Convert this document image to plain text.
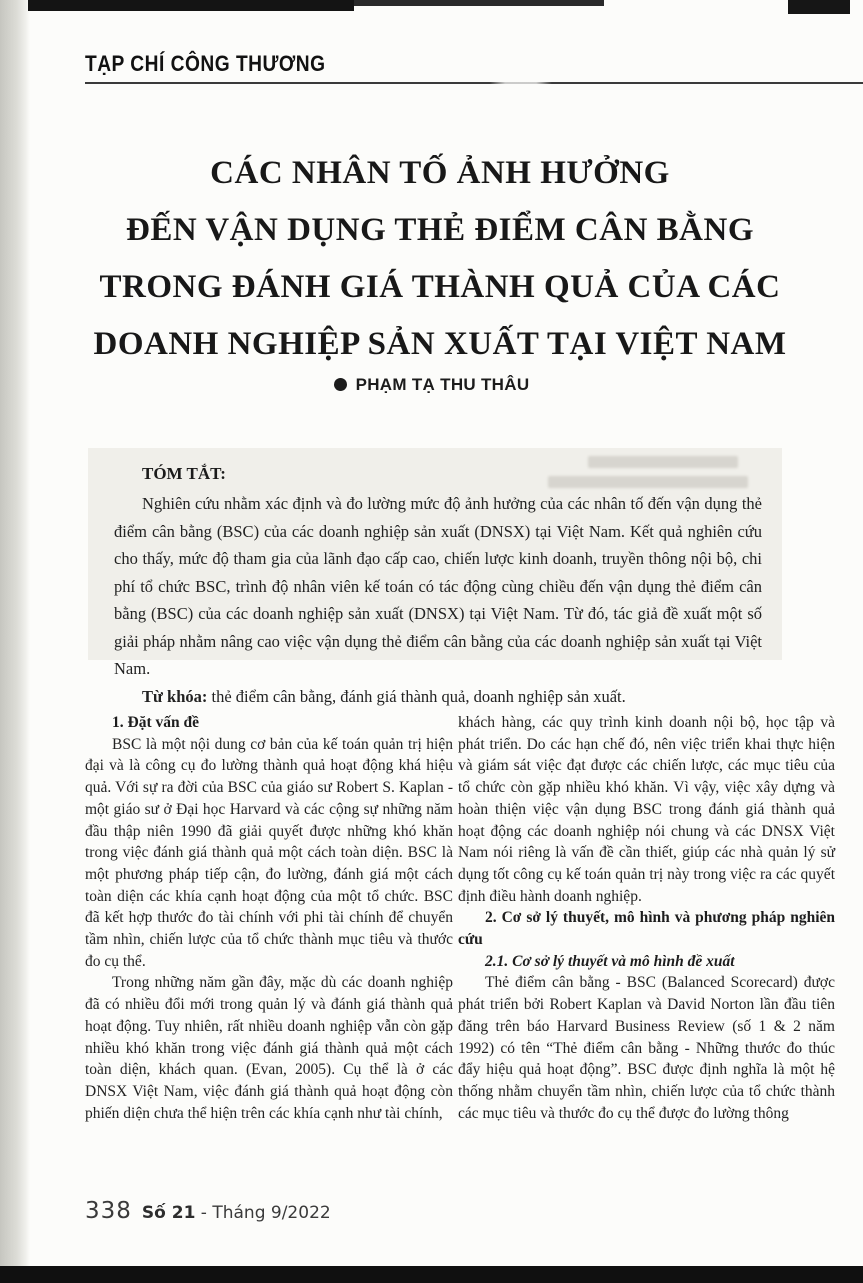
TẠP CHÍ CÔNG THƯƠNG
CÁC NHÂN TỐ ẢNH HƯỞNG
ĐẾN VẬN DỤNG THẺ ĐIỂM CÂN BẰNG
TRONG ĐÁNH GIÁ THÀNH QUẢ CỦA CÁC
DOANH NGHIỆP SẢN XUẤT TẠI VIỆT NAM
PHẠM TẠ THU THÂU

TÓM TẮT:

Nghiên cứu nhằm xác định và đo lường mức độ ảnh hưởng của các nhân tố đến vận dụng thẻ điểm cân bằng (BSC) của các doanh nghiệp sản xuất (DNSX) tại Việt Nam. Kết quả nghiên cứu cho thấy, mức độ tham gia của lãnh đạo cấp cao, chiến lược kinh doanh, truyền thông nội bộ, chi phí tổ chức BSC, trình độ nhân viên kế toán có tác động cùng chiều đến vận dụng thẻ điểm cân bằng (BSC) của các doanh nghiệp sản xuất (DNSX) tại Việt Nam. Từ đó, tác giả đề xuất một số giải pháp nhằm nâng cao việc vận dụng thẻ điểm cân bằng của các doanh nghiệp sản xuất tại Việt Nam.

Từ khóa: thẻ điểm cân bằng, đánh giá thành quả, doanh nghiệp sản xuất.

1. Đặt vấn đề

BSC là một nội dung cơ bản của kế toán quản trị hiện đại và là công cụ đo lường thành quả hoạt động khá hiệu quả. Với sự ra đời của BSC của giáo sư Robert S. Kaplan - một giáo sư ở Đại học Harvard và các cộng sự những năm đầu thập niên 1990 đã giải quyết được những khó khăn trong việc đánh giá thành quả một cách toàn diện. BSC là một phương pháp tiếp cận, đo lường, đánh giá một cách toàn diện các khía cạnh hoạt động của một tổ chức. BSC đã kết hợp thước đo tài chính với phi tài chính để chuyển tầm nhìn, chiến lược của tổ chức thành mục tiêu và thước đo cụ thể.

Trong những năm gần đây, mặc dù các doanh nghiệp đã có nhiều đổi mới trong quản lý và đánh giá thành quả hoạt động. Tuy nhiên, rất nhiều doanh nghiệp vẫn còn gặp nhiều khó khăn trong việc đánh giá thành quả một cách toàn diện, khách quan. (Evan, 2005). Cụ thể là ở các DNSX Việt Nam, việc đánh giá thành quả hoạt động còn phiến diện chưa thể hiện trên các khía cạnh như tài chính,

khách hàng, các quy trình kinh doanh nội bộ, học tập và phát triển. Do các hạn chế đó, nên việc triển khai thực hiện và giám sát việc đạt được các chiến lược, các mục tiêu của tổ chức còn gặp nhiều khó khăn. Vì vậy, việc xây dựng và hoàn thiện việc vận dụng BSC trong đánh giá thành quả hoạt động các doanh nghiệp nói chung và các DNSX Việt Nam nói riêng là vấn đề cần thiết, giúp các nhà quản lý sử dụng tốt công cụ kế toán quản trị này trong việc ra các quyết định điều hành doanh nghiệp.

2. Cơ sở lý thuyết, mô hình và phương pháp nghiên cứu
2.1. Cơ sở lý thuyết và mô hình đề xuất

Thẻ điểm cân bằng - BSC (Balanced Scorecard) được phát triển bởi Robert Kaplan và David Norton lần đầu tiên đăng trên báo Harvard Business Review (số 1 & 2 năm 1992) có tên “Thẻ điểm cân bằng - Những thước đo thúc đẩy hiệu quả hoạt động”. BSC được định nghĩa là một hệ thống nhằm chuyển tầm nhìn, chiến lược của tổ chức thành các mục tiêu và thước đo cụ thể được đo lường thông

338 Số 21 - Tháng 9/2022
